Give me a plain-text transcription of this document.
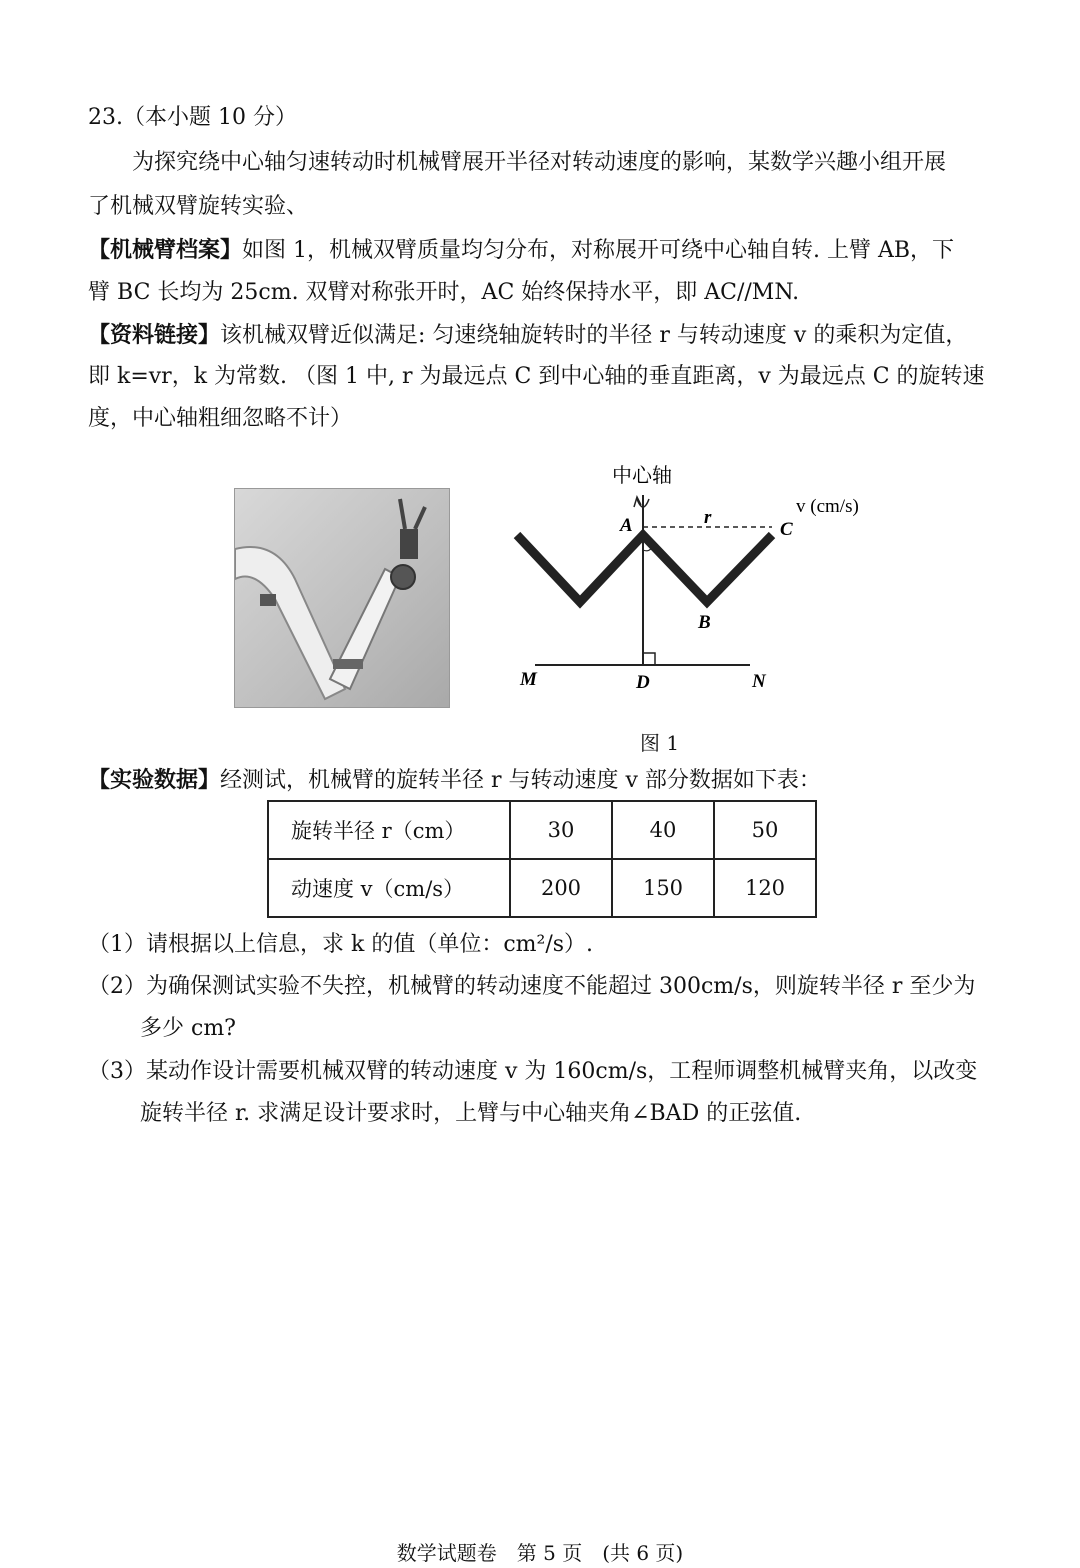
23.（本小题 10 分）
为探究绕中心轴匀速转动时机械臂展开半径对转动速度的影响，某数学兴趣小组开展
了机械双臂旋转实验、
【机械臂档案】如图 1，机械双臂质量均匀分布，对称展开可绕中心轴自转. 上臂 AB，下
臂 BC 长均为 25cm. 双臂对称张开时，AC 始终保持水平，即 AC//MN.
【资料链接】该机械双臂近似满足: 匀速绕轴旋转时的半径 r 与转动速度 v 的乘积为定值，
即 k=vr，k 为常数. （图 1 中, r 为最远点 C 到中心轴的垂直距离，v 为最远点 C 的旋转速
度，中心轴粗细忽略不计）
中心轴
v (cm/s)
r
A
B
C
D
M	N
图 1
【实验数据】经测试，机械臂的旋转半径 r 与转动速度 v 部分数据如下表：
旋转半径 r（cm）	30	40	50
动速度 v（cm/s）	200	150	120
（1）请根据以上信息，求 k 的值（单位：cm²/s）.
（2）为确保测试实验不失控，机械臂的转动速度不能超过 300cm/s，则旋转半径 r 至少为
多少 cm?
（3）某动作设计需要机械双臂的转动速度 v 为 160cm/s，工程师调整机械臂夹角，以改变
旋转半径 r. 求满足设计要求时，上臂与中心轴夹角∠BAD 的正弦值.
数学试题卷　第 5 页　(共 6 页)
